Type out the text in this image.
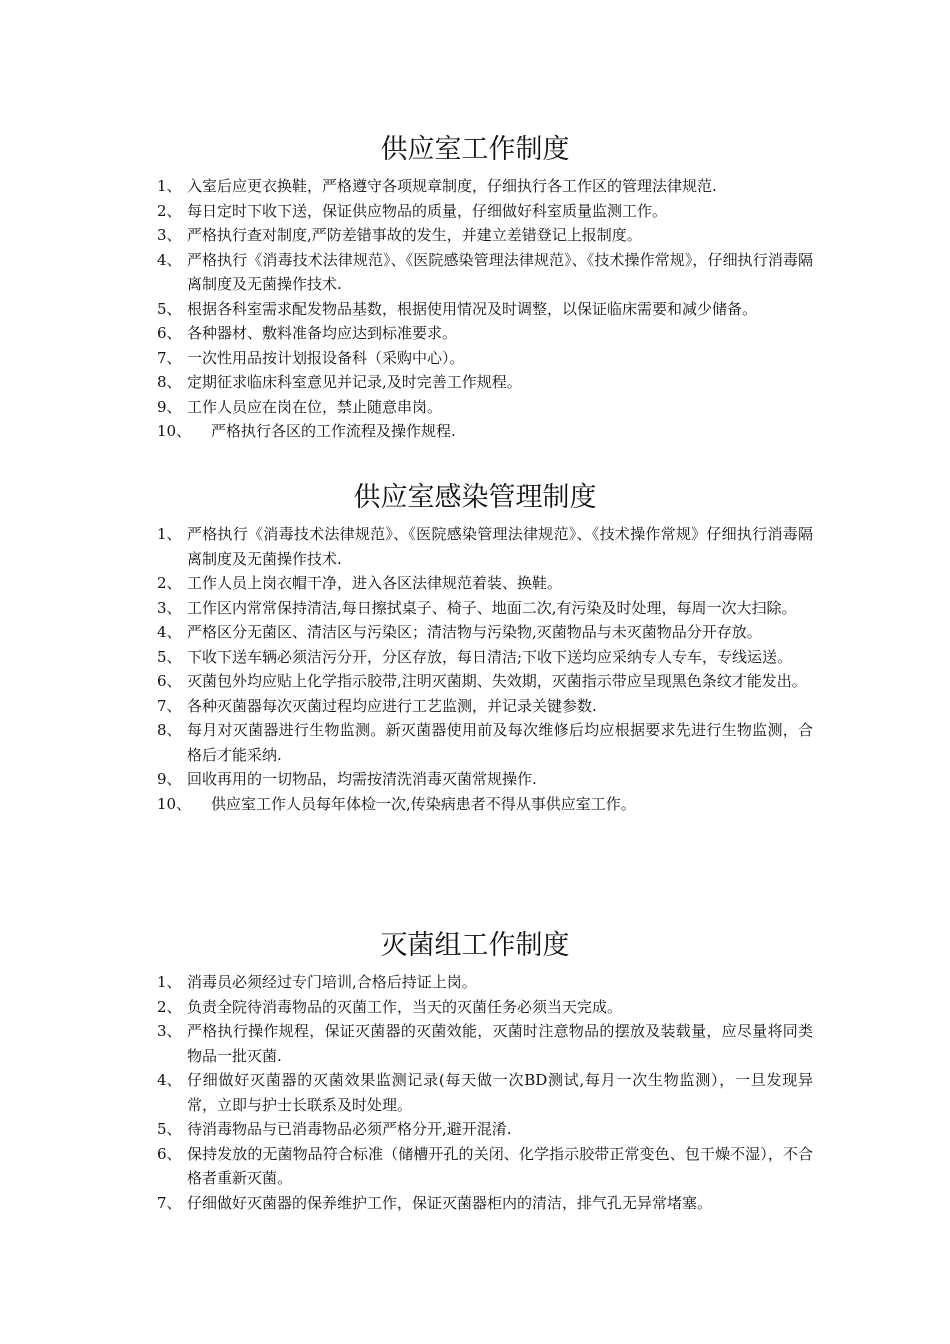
供应室工作制度
1、 入室后应更衣换鞋，严格遵守各项规章制度，仔细执行各工作区的管理法律规范.
2、 每日定时下收下送，保证供应物品的质量，仔细做好科室质量监测工作。
3、 严格执行查对制度,严防差错事故的发生，并建立差错登记上报制度。
4、 严格执行《消毒技术法律规范》、《医院感染管理法律规范》、《技术操作常规》，仔细执行消毒隔离制度及无菌操作技术.
5、 根据各科室需求配发物品基数，根据使用情况及时调整，以保证临床需要和减少储备。
6、 各种器材、敷料准备均应达到标准要求。
7、 一次性用品按计划报设备科（采购中心）。
8、 定期征求临床科室意见并记录,及时完善工作规程。
9、 工作人员应在岗在位，禁止随意串岗。
10、	严格执行各区的工作流程及操作规程.
供应室感染管理制度
1、 严格执行《消毒技术法律规范》、《医院感染管理法律规范》、《技术操作常规》仔细执行消毒隔离制度及无菌操作技术.
2、 工作人员上岗衣帽干净，进入各区法律规范着装、换鞋。
3、 工作区内常常保持清洁,每日擦拭桌子、椅子、地面二次,有污染及时处理，每周一次大扫除。
4、 严格区分无菌区、清洁区与污染区；清洁物与污染物,灭菌物品与未灭菌物品分开存放。
5、 下收下送车辆必须洁污分开，分区存放，每日清洁;下收下送均应采纳专人专车，专线运送。
6、 灭菌包外均应贴上化学指示胶带,注明灭菌期、失效期，灭菌指示带应呈现黑色条纹才能发出。
7、 各种灭菌器每次灭菌过程均应进行工艺监测，并记录关键参数.
8、 每月对灭菌器进行生物监测。新灭菌器使用前及每次维修后均应根据要求先进行生物监测，合格后才能采纳.
9、 回收再用的一切物品，均需按清洗消毒灭菌常规操作.
10、	供应室工作人员每年体检一次,传染病患者不得从事供应室工作。
灭菌组工作制度
1、 消毒员必须经过专门培训,合格后持证上岗。
2、 负责全院待消毒物品的灭菌工作，当天的灭菌任务必须当天完成。
3、 严格执行操作规程，保证灭菌器的灭菌效能，灭菌时注意物品的摆放及装载量，应尽量将同类物品一批灭菌.
4、 仔细做好灭菌器的灭菌效果监测记录(每天做一次BD测试,每月一次生物监测），一旦发现异常，立即与护士长联系及时处理。
5、 待消毒物品与已消毒物品必须严格分开,避开混淆.
6、 保持发放的无菌物品符合标准（储槽开孔的关闭、化学指示胶带正常变色、包干燥不湿），不合格者重新灭菌。
7、 仔细做好灭菌器的保养维护工作，保证灭菌器柜内的清洁，排气孔无异常堵塞。
